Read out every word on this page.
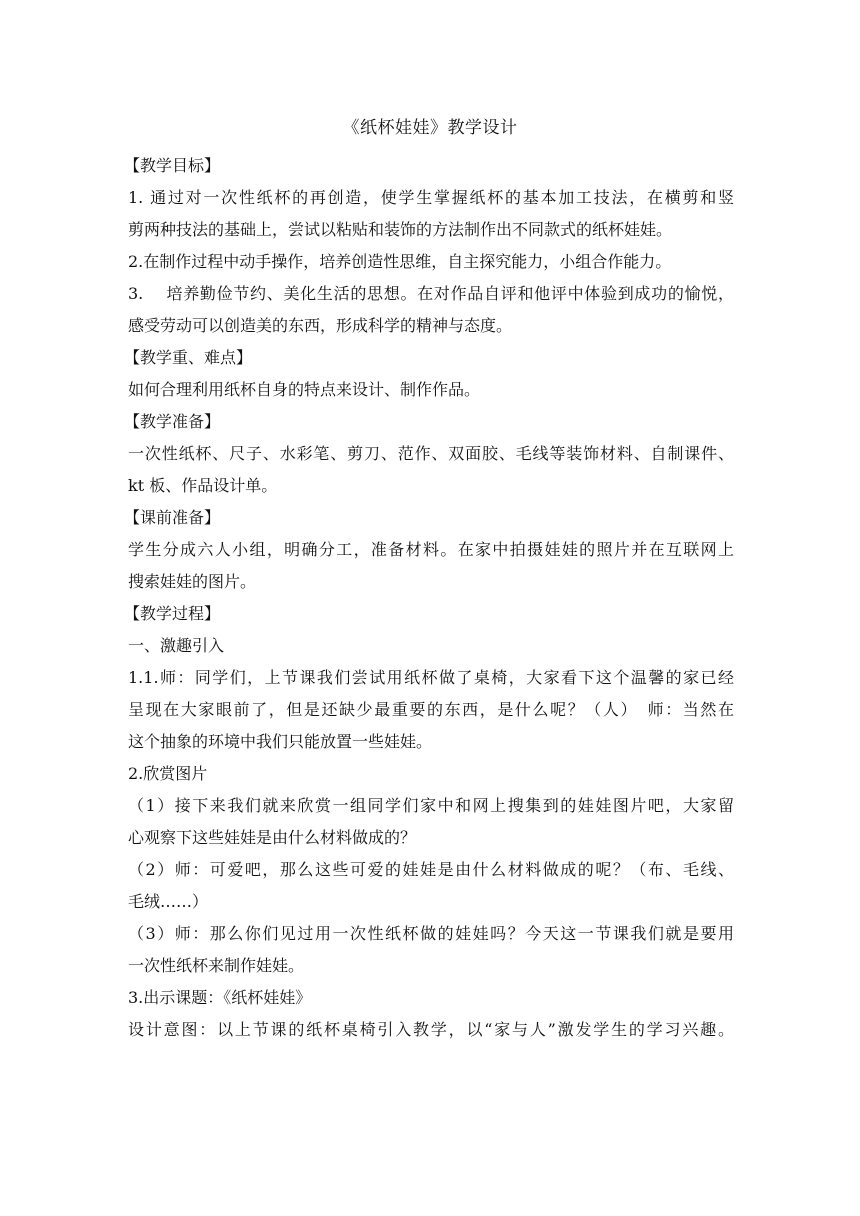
《纸杯娃娃》教学设计
【教学目标】
1. 通过对一次性纸杯的再创造，使学生掌握纸杯的基本加工技法，在横剪和竖
剪两种技法的基础上，尝试以粘贴和装饰的方法制作出不同款式的纸杯娃娃。
2.在制作过程中动手操作，培养创造性思维，自主探究能力，小组合作能力。
3.　 培养勤俭节约、美化生活的思想。在对作品自评和他评中体验到成功的愉悦，
感受劳动可以创造美的东西，形成科学的精神与态度。
【教学重、难点】
如何合理利用纸杯自身的特点来设计、制作作品。
【教学准备】
一次性纸杯、尺子、水彩笔、剪刀、范作、双面胶、毛线等装饰材料、自制课件、
kt 板、作品设计单。
【课前准备】
学生分成六人小组，明确分工，准备材料。在家中拍摄娃娃的照片并在互联网上
搜索娃娃的图片。
【教学过程】
一、激趣引入
1.1.师：同学们，上节课我们尝试用纸杯做了桌椅，大家看下这个温馨的家已经
呈现在大家眼前了，但是还缺少最重要的东西，是什么呢？（人）　师：当然在
这个抽象的环境中我们只能放置一些娃娃。
2.欣赏图片
（1）接下来我们就来欣赏一组同学们家中和网上搜集到的娃娃图片吧，大家留
心观察下这些娃娃是由什么材料做成的？
（2）师：可爱吧，那么这些可爱的娃娃是由什么材料做成的呢？（布、毛线、
毛绒……）
（3）师：那么你们见过用一次性纸杯做的娃娃吗？今天这一节课我们就是要用
一次性纸杯来制作娃娃。
3.出示课题：《纸杯娃娃》
设计意图：以上节课的纸杯桌椅引入教学，以“家与人”激发学生的学习兴趣。
